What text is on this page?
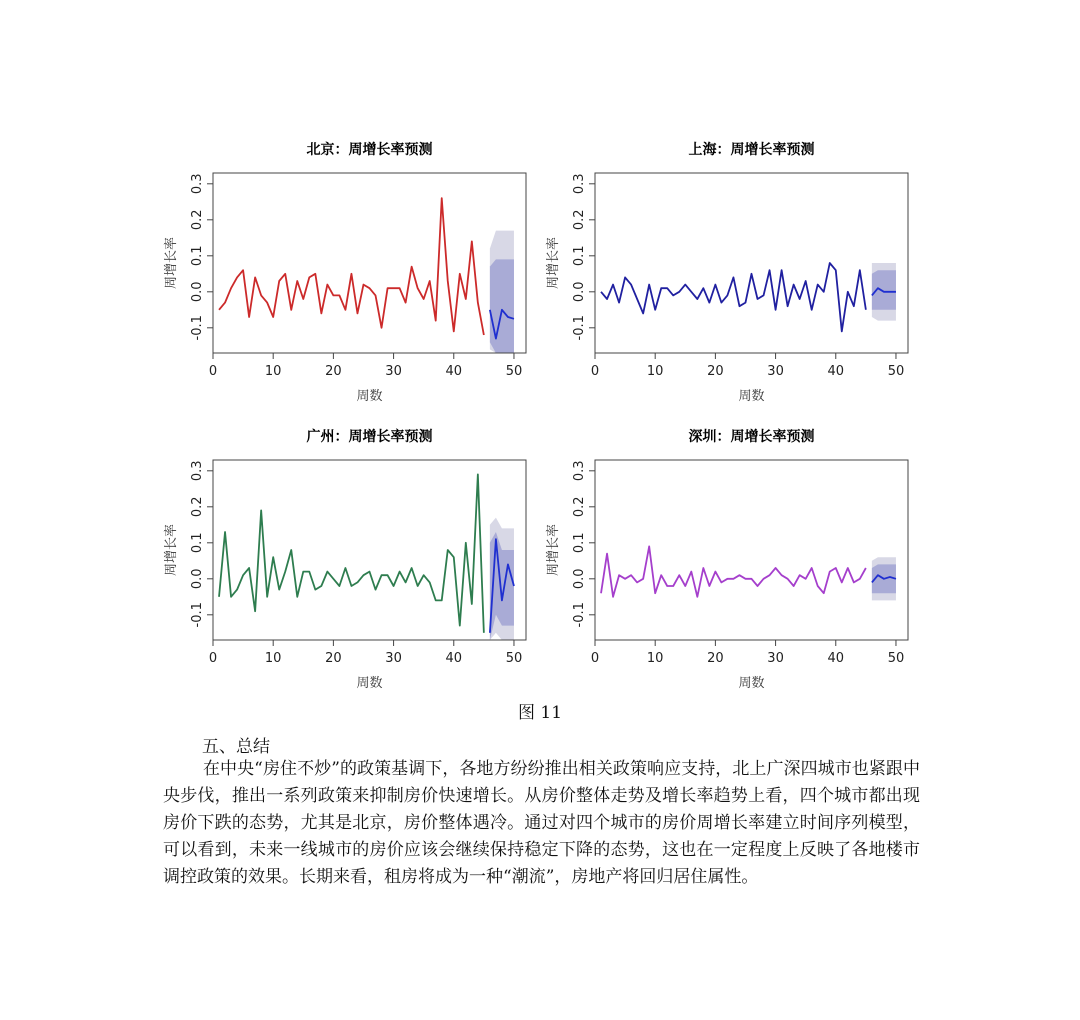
北京：周增长率预测
0	10	20	30	40	50
-0.1
0.0
0.1
0.2
0.3
周数
周增长率
上海：周增长率预测
0	10	20	30	40	50
-0.1
0.0
0.1
0.2
0.3
周数
周增长率
广州：周增长率预测
0	10	20	30	40	50
-0.1
0.0
0.1
0.2
0.3
周数
周增长率
深圳：周增长率预测
0	10	20	30	40	50
-0.1
0.0
0.1
0.2
0.3
周数
周增长率
图 11
五、总结
在中央“房住不炒”的政策基调下，各地方纷纷推出相关政策响应支持，北上广深四城市也紧跟中央步伐，推出一系列政策来抑制房价快速增长。从房价整体走势及增长率趋势上看，四个城市都出现房价下跌的态势，尤其是北京，房价整体遇冷。通过对四个城市的房价周增长率建立时间序列模型，可以看到，未来一线城市的房价应该会继续保持稳定下降的态势，这也在一定程度上反映了各地楼市调控政策的效果。长期来看，租房将成为一种“潮流”，房地产将回归居住属性。
